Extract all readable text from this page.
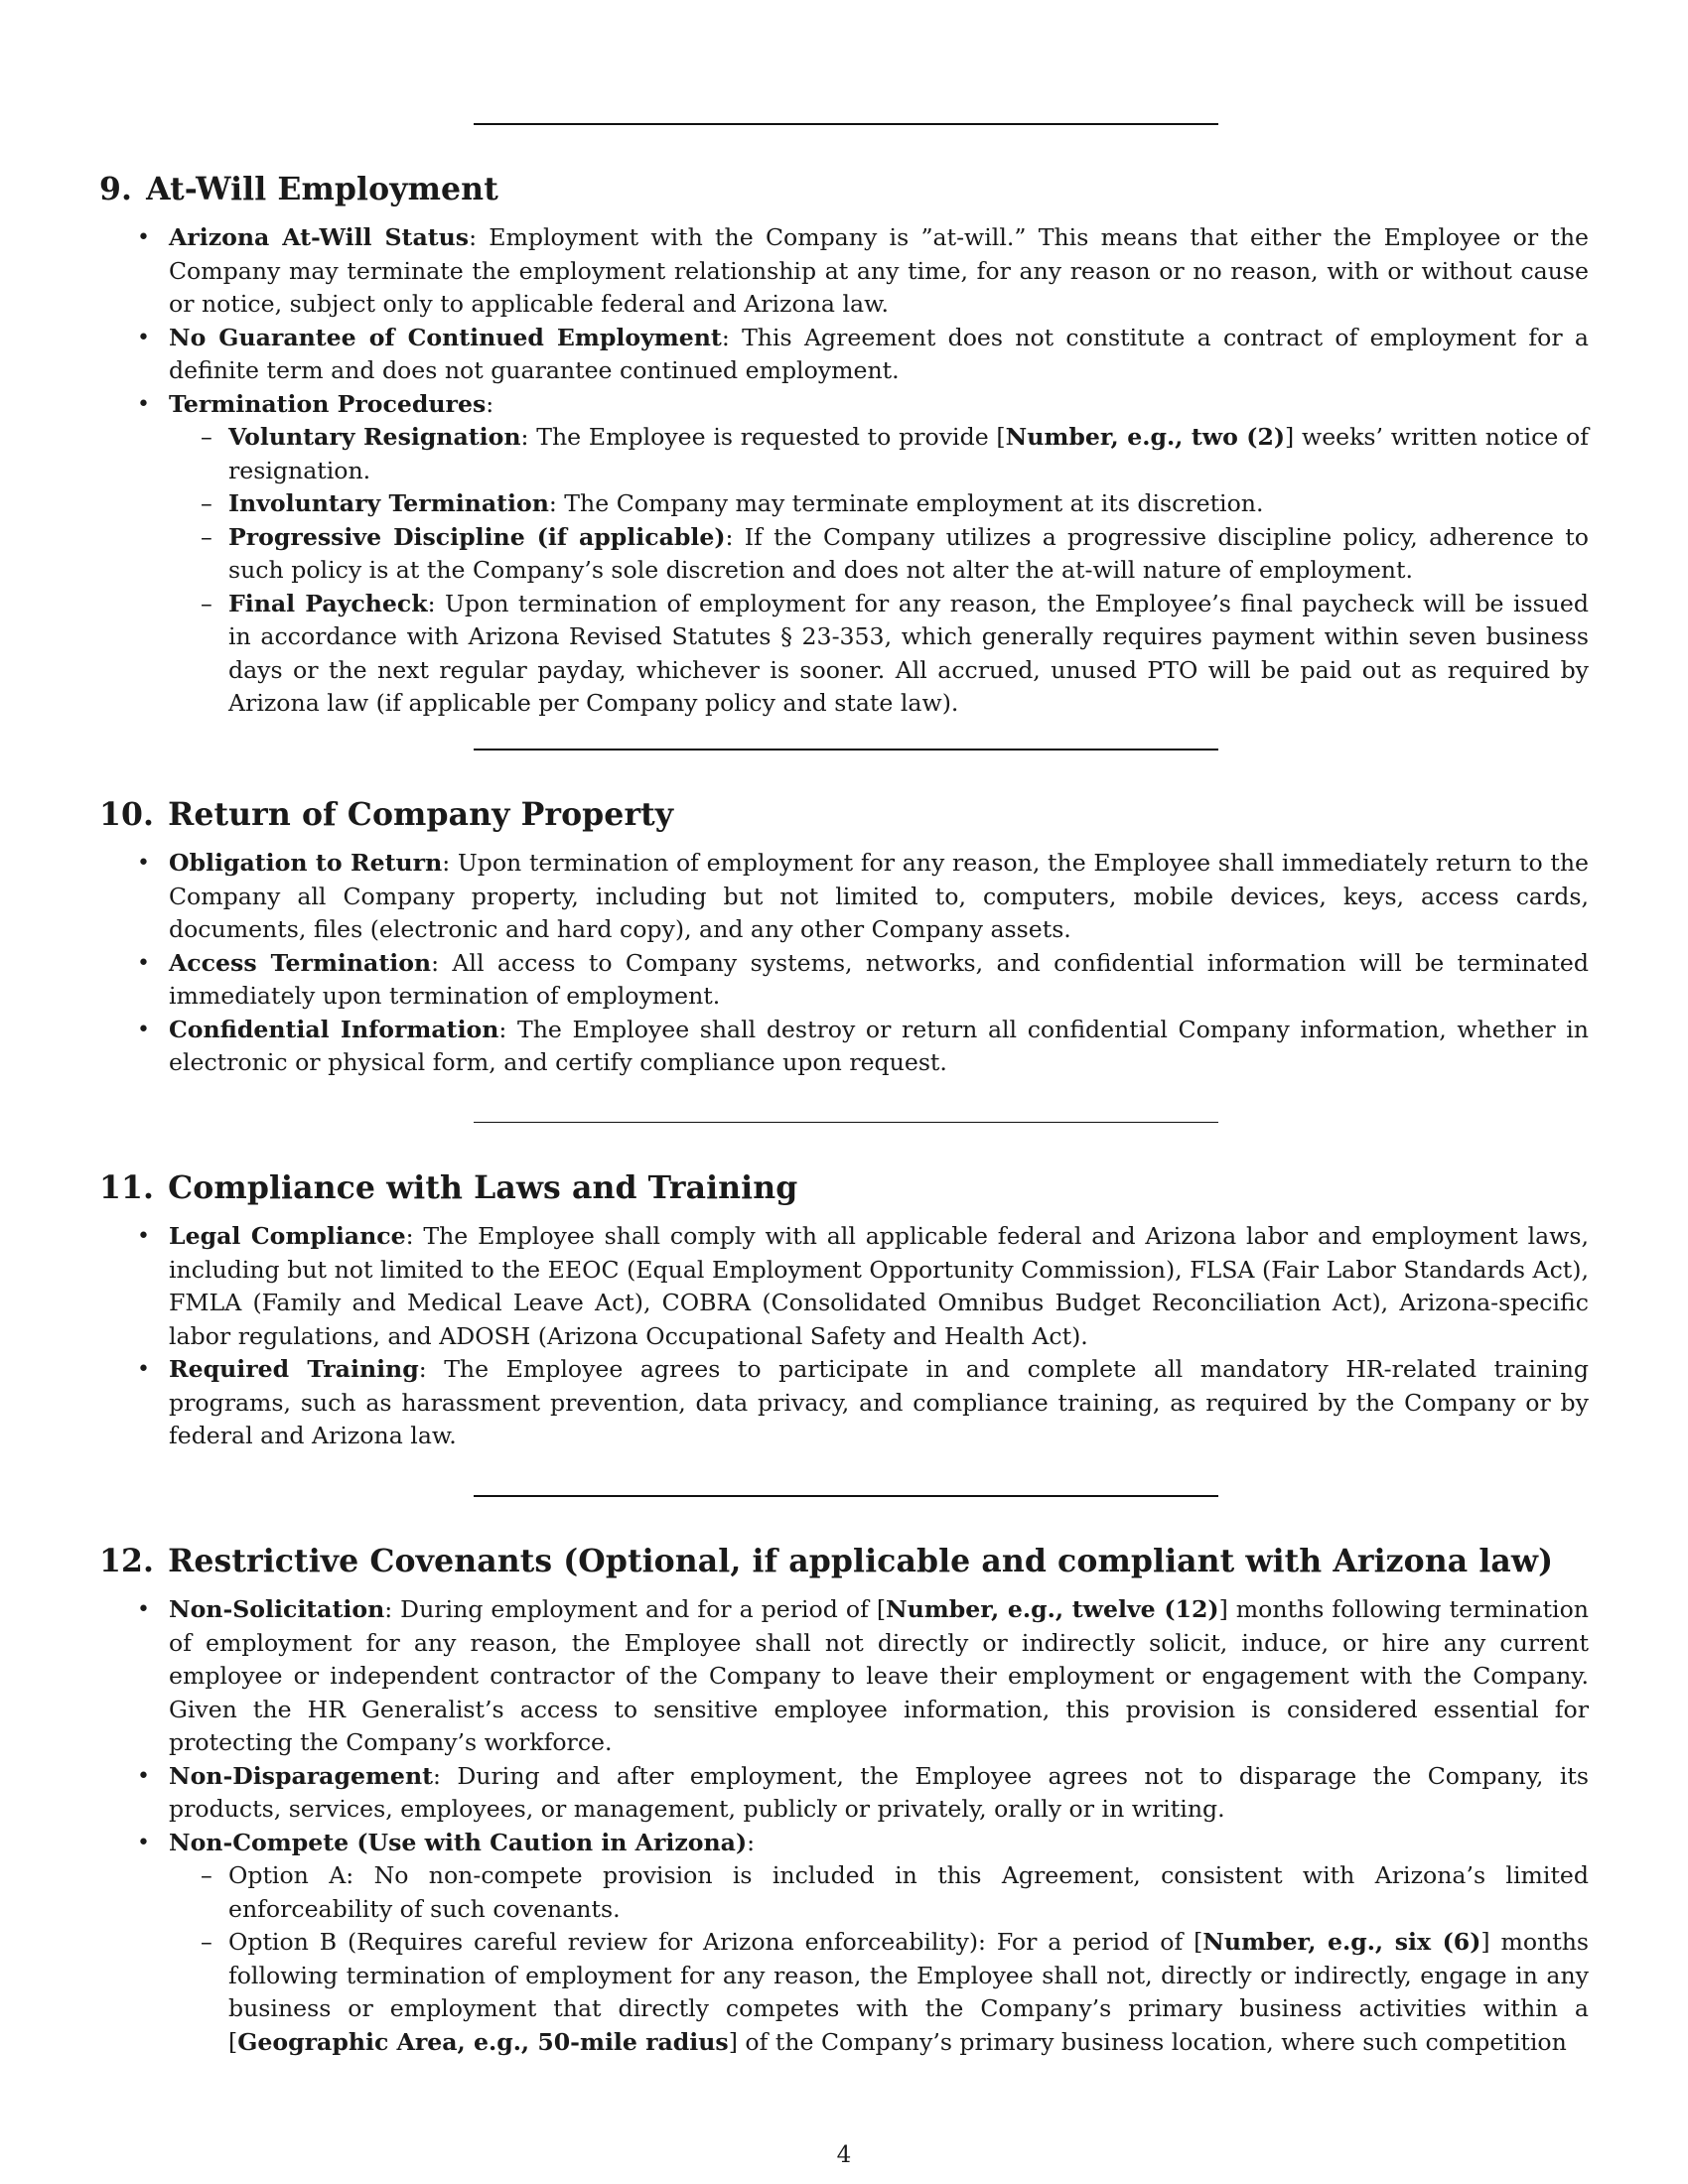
9. At-Will Employment
• Arizona At-Will Status: Employment with the Company is ”at-will.” This means that either the Employee or the Company may terminate the employment relationship at any time, for any reason or no reason, with or without cause or notice, subject only to applicable federal and Arizona law.
• No Guarantee of Continued Employment: This Agreement does not constitute a contract of employment for a definite term and does not guarantee continued employment.
• Termination Procedures:
– Voluntary Resignation: The Employee is requested to provide [Number, e.g., two (2)] weeks’ written notice of resignation.
– Involuntary Termination: The Company may terminate employment at its discretion.
– Progressive Discipline (if applicable): If the Company utilizes a progressive discipline policy, adherence to such policy is at the Company’s sole discretion and does not alter the at-will nature of employment.
– Final Paycheck: Upon termination of employment for any reason, the Employee’s final paycheck will be issued in accordance with Arizona Revised Statutes § 23-353, which generally requires payment within seven business days or the next regular payday, whichever is sooner. All accrued, unused PTO will be paid out as required by Arizona law (if applicable per Company policy and state law).
10. Return of Company Property
• Obligation to Return: Upon termination of employment for any reason, the Employee shall immediately return to the Company all Company property, including but not limited to, computers, mobile devices, keys, access cards, documents, files (electronic and hard copy), and any other Company assets.
• Access Termination: All access to Company systems, networks, and confidential information will be terminated immediately upon termination of employment.
• Confidential Information: The Employee shall destroy or return all confidential Company information, whether in electronic or physical form, and certify compliance upon request.
11. Compliance with Laws and Training
• Legal Compliance: The Employee shall comply with all applicable federal and Arizona labor and employment laws, including but not limited to the EEOC (Equal Employment Opportunity Commission), FLSA (Fair Labor Standards Act), FMLA (Family and Medical Leave Act), COBRA (Consolidated Omnibus Budget Reconciliation Act), Arizona-specific labor regulations, and ADOSH (Arizona Occupational Safety and Health Act).
• Required Training: The Employee agrees to participate in and complete all mandatory HR-related training programs, such as harassment prevention, data privacy, and compliance training, as required by the Company or by federal and Arizona law.
12. Restrictive Covenants (Optional, if applicable and compliant with Arizona law)
• Non-Solicitation: During employment and for a period of [Number, e.g., twelve (12)] months following termination of employment for any reason, the Employee shall not directly or indirectly solicit, induce, or hire any current employee or independent contractor of the Company to leave their employment or engagement with the Company. Given the HR Generalist’s access to sensitive employee information, this provision is considered essential for protecting the Company’s workforce.
• Non-Disparagement: During and after employment, the Employee agrees not to disparage the Company, its products, services, employees, or management, publicly or privately, orally or in writing.
• Non-Compete (Use with Caution in Arizona):
– Option A: No non-compete provision is included in this Agreement, consistent with Arizona’s limited enforceability of such covenants.
– Option B (Requires careful review for Arizona enforceability): For a period of [Number, e.g., six (6)] months following termination of employment for any reason, the Employee shall not, directly or indirectly, engage in any business or employment that directly competes with the Company’s primary business activities within a [Geographic Area, e.g., 50-mile radius] of the Company’s primary business location, where such competition
4
